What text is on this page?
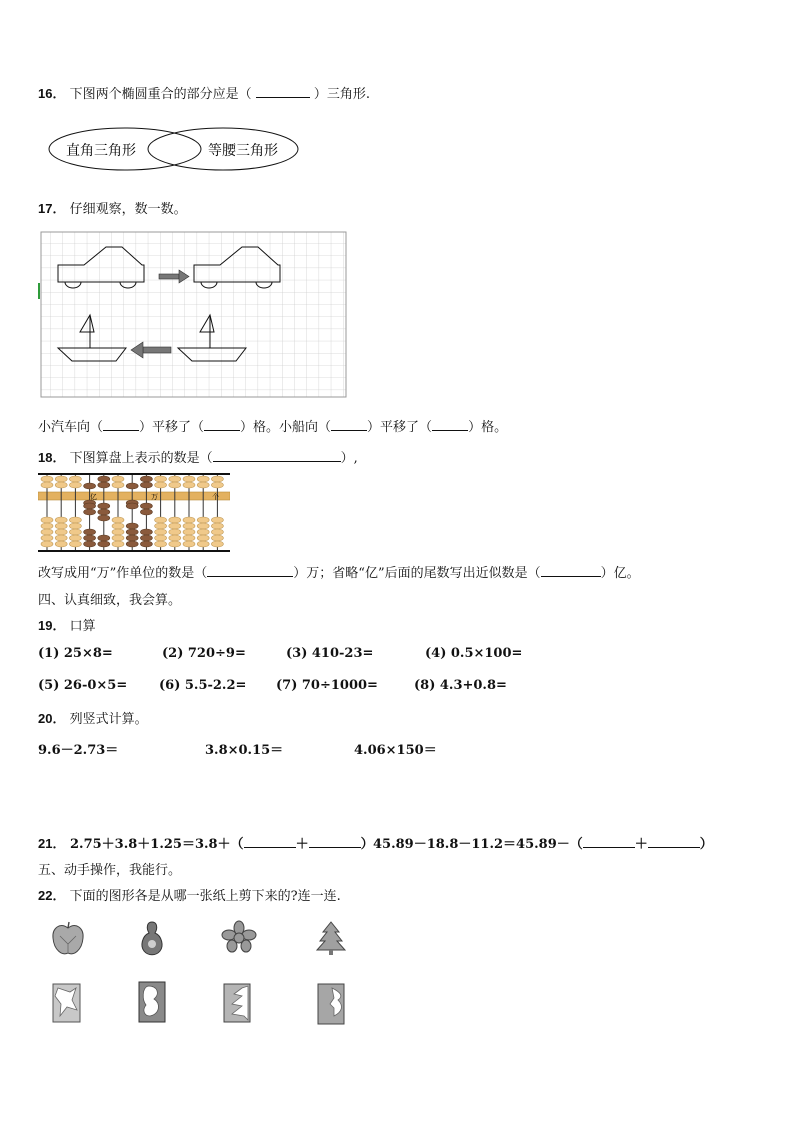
16． 下图两个椭圆重合的部分应是（	）三角形.
直角三角形	等腰三角形
17． 仔细观察，数一数。
小汽车向（	）平移了（	）格。小船向（	）平移了（	）格。
18． 下图算盘上表示的数是（	）,
亿	万	个
改写成用“万”作单位的数是（	）万；省略“亿”后面的尾数写出近似数是（	）亿。
四、认真细致，我会算。
19． 口算
(1) 25×8=	(2) 720÷9=	(3) 410-23=	(4) 0.5×100=
(5) 26-0×5= (6) 5.5-2.2= (7) 70÷1000=	(8) 4.3+0.8=
20． 列竖式计算。
9.6－2.73＝	3.8×0.15＝	4.06×150＝
21． 2.75＋3.8＋1.25＝3.8＋（	＋	） 45.89－18.8－11.2＝45.89－（	＋	）
五、动手操作，我能行。
22． 下面的图形各是从哪一张纸上剪下来的?连一连.
